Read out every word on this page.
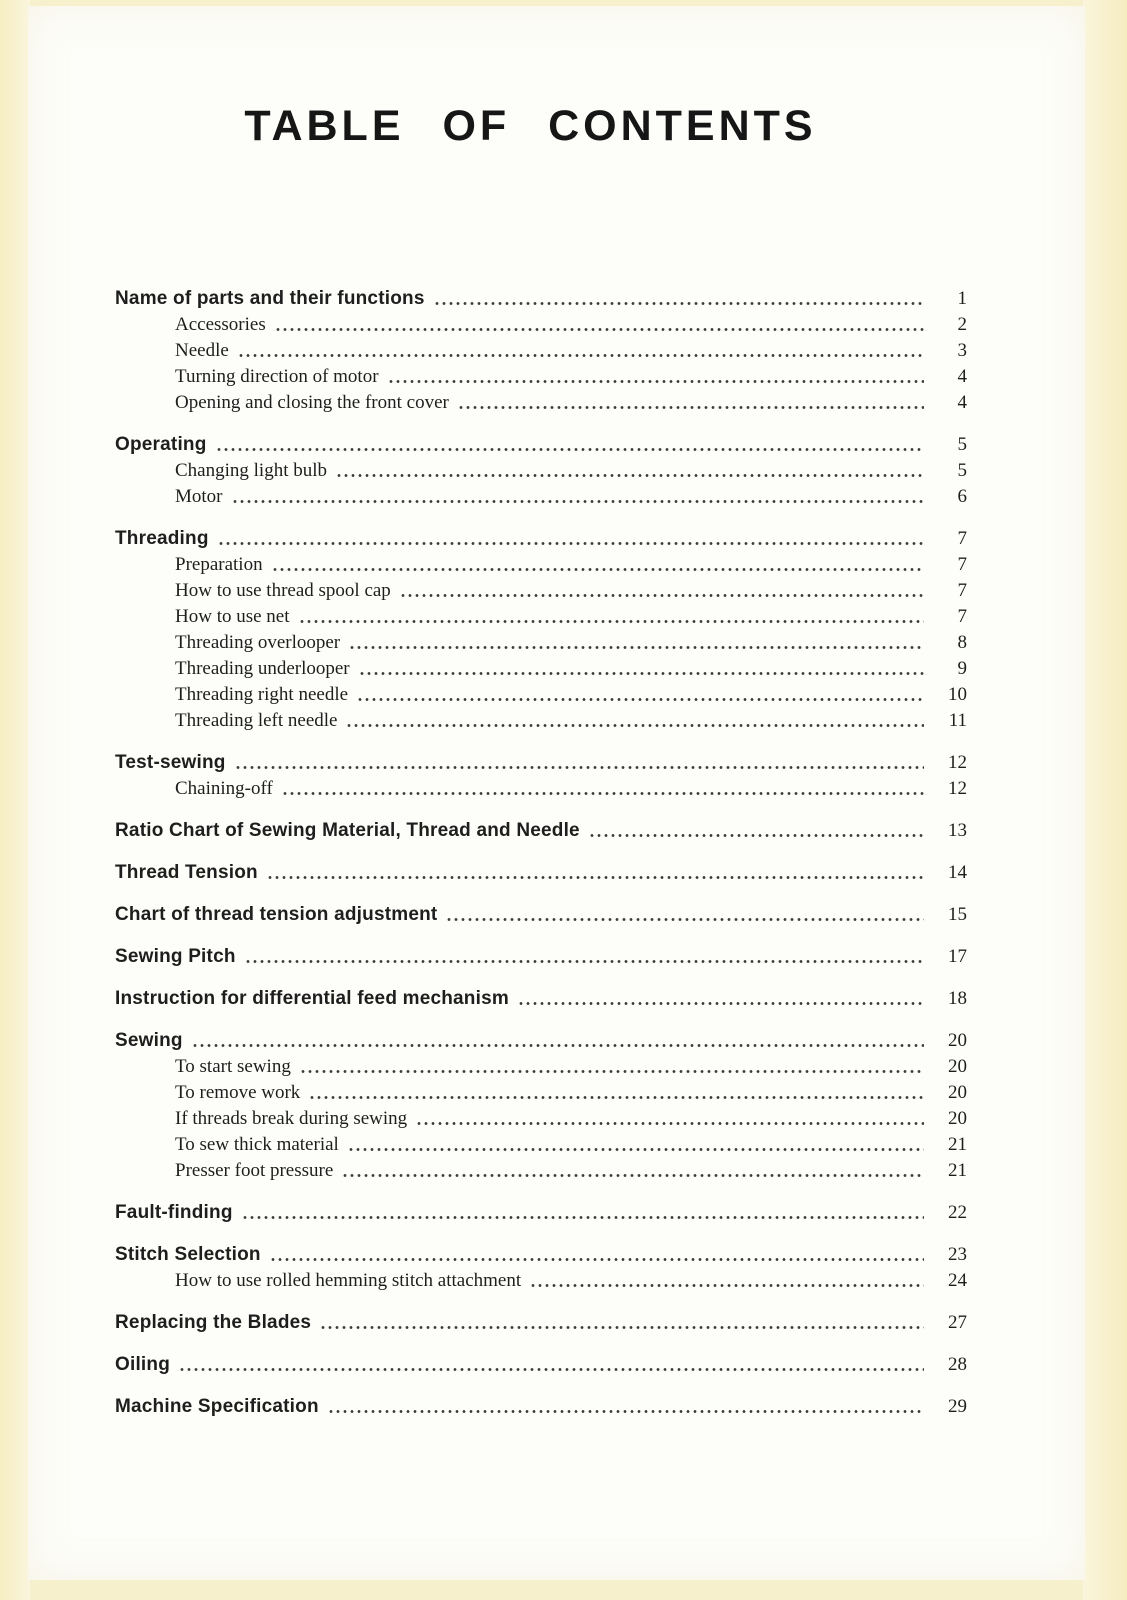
TABLE OF CONTENTS
Name of parts and their functions	1
Accessories	2
Needle	3
Turning direction of motor	4
Opening and closing the front cover	4
Operating	5
Changing light bulb	5
Motor	6
Threading	7
Preparation	7
How to use thread spool cap	7
How to use net	7
Threading overlooper	8
Threading underlooper	9
Threading right needle	10
Threading left needle	11
Test-sewing	12
Chaining-off	12
Ratio Chart of Sewing Material, Thread and Needle	13
Thread Tension	14
Chart of thread tension adjustment	15
Sewing Pitch	17
Instruction for differential feed mechanism	18
Sewing	20
To start sewing	20
To remove work	20
If threads break during sewing	20
To sew thick material	21
Presser foot pressure	21
Fault-finding	22
Stitch Selection	23
How to use rolled hemming stitch attachment	24
Replacing the Blades	27
Oiling	28
Machine Specification	29
